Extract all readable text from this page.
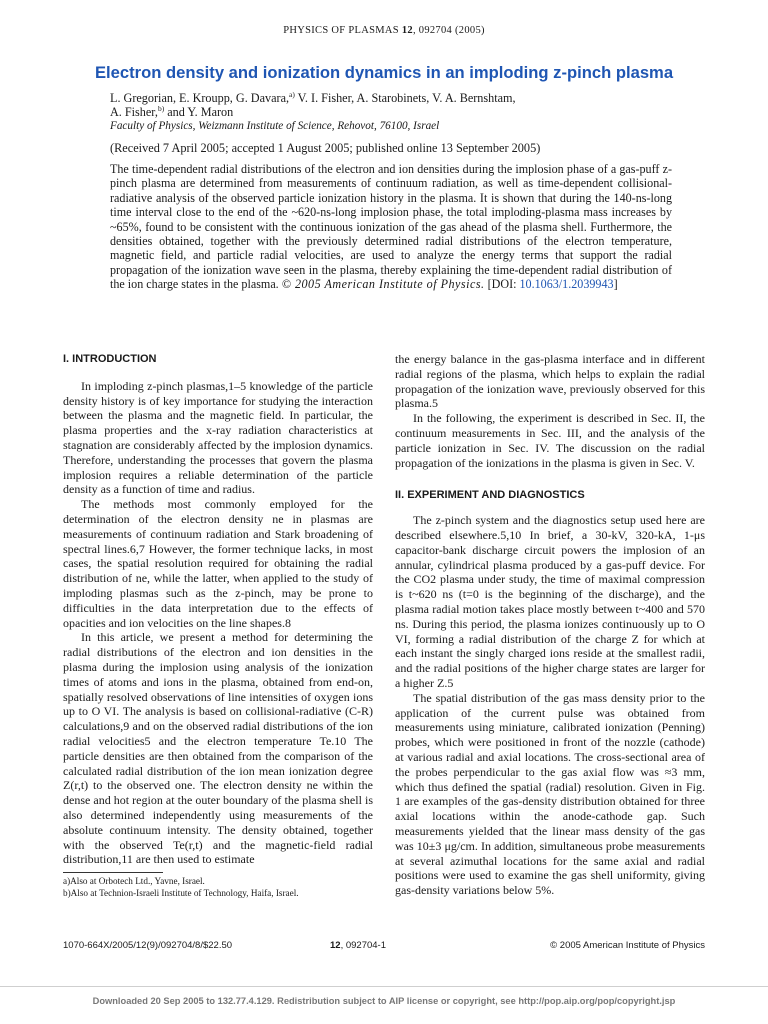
PHYSICS OF PLASMAS 12, 092704 (2005)
Electron density and ionization dynamics in an imploding z-pinch plasma
L. Gregorian, E. Kroupp, G. Davara,$^{a)}$ V. I. Fisher, A. Starobinets, V. A. Bernshtam,
A. Fisher,$^{b)}$ and Y. Maron
Faculty of Physics, Weizmann Institute of Science, Rehovot, 76100, Israel
(Received 7 April 2005; accepted 1 August 2005; published online 13 September 2005)
The time-dependent radial distributions of the electron and ion densities during the implosion phase of a gas-puff z-pinch plasma are determined from measurements of continuum radiation, as well as time-dependent collisional-radiative analysis of the observed particle ionization history in the plasma. It is shown that during the 140-ns-long time interval close to the end of the ~620-ns-long implosion phase, the total imploding-plasma mass increases by ~65%, found to be consistent with the continuous ionization of the gas ahead of the plasma shell. Furthermore, the densities obtained, together with the previously determined radial distributions of the electron temperature, magnetic field, and particle radial velocities, are used to analyze the energy terms that support the radial propagation of the ionization wave seen in the plasma, thereby explaining the time-dependent radial distribution of the ion charge states in the plasma. © 2005 American Institute of Physics. [DOI: 10.1063/1.2039943]

I. INTRODUCTION

In imploding z-pinch plasmas,1–5 knowledge of the particle density history is of key importance for studying the interaction between the plasma and the magnetic field. In particular, the plasma properties and the x-ray radiation characteristics at stagnation are considerably affected by the implosion dynamics. Therefore, understanding the processes that govern the plasma implosion requires a reliable determination of the particle density as a function of time and radius.

The methods most commonly employed for the determination of the electron density ne in plasmas are measurements of continuum radiation and Stark broadening of spectral lines.6,7 However, the former technique lacks, in most cases, the spatial resolution required for obtaining the radial distribution of ne, while the latter, when applied to the study of imploding plasmas such as the z-pinch, may be prone to difficulties in the data interpretation due to the effects of opacities and ion velocities on the line shapes.8

In this article, we present a method for determining the radial distributions of the electron and ion densities in the plasma during the implosion using analysis of the ionization times of atoms and ions in the plasma, obtained from end-on, spatially resolved observations of line intensities of oxygen ions up to O VI. The analysis is based on collisional-radiative (C-R) calculations,9 and on the observed radial distributions of the ion radial velocities5 and the electron temperature Te.10 The particle densities are then obtained from the comparison of the calculated radial distribution of the ion mean ionization degree Z(r,t) to the observed one. The electron density ne within the dense and hot region at the outer boundary of the plasma shell is also determined independently using measurements of the absolute continuum intensity. The density obtained, together with the observed Te(r,t) and the magnetic-field radial distribution,11 are then used to estimate

the energy balance in the gas-plasma interface and in different radial regions of the plasma, which helps to explain the radial propagation of the ionization wave, previously observed for this plasma.5

In the following, the experiment is described in Sec. II, the continuum measurements in Sec. III, and the analysis of the particle ionization in Sec. IV. The discussion on the radial propagation of the ionizations in the plasma is given in Sec. V.

II. EXPERIMENT AND DIAGNOSTICS

The z-pinch system and the diagnostics setup used here are described elsewhere.5,10 In brief, a 30-kV, 320-kA, 1-μs capacitor-bank discharge circuit powers the implosion of an annular, cylindrical plasma produced by a gas-puff device. For the CO2 plasma under study, the time of maximal compression is t~620 ns (t=0 is the beginning of the discharge), and the plasma radial motion takes place mostly between t~400 and 570 ns. During this period, the plasma ionizes continuously up to O VI, forming a radial distribution of the charge Z for which at each instant the singly charged ions reside at the smallest radii, and the radial positions of the higher charge states are larger for a higher Z.5

The spatial distribution of the gas mass density prior to the application of the current pulse was obtained from measurements using miniature, calibrated ionization (Penning) probes, which were positioned in front of the nozzle (cathode) at various radial and axial locations. The cross-sectional area of the probes perpendicular to the gas axial flow was ≈3 mm, which thus defined the spatial (radial) resolution. Given in Fig. 1 are examples of the gas-density distribution obtained for three axial locations within the anode-cathode gap. Such measurements yielded that the linear mass density of the gas was 10±3 μg/cm. In addition, simultaneous probe measurements at several azimuthal locations for the same axial and radial positions were used to examine the gas shell uniformity, giving gas-density variations below 5%.

a)Also at Orbotech Ltd., Yavne, Israel.
b)Also at Technion-Israeli Institute of Technology, Haifa, Israel.
1070-664X/2005/12(9)/092704/8/$22.50	12, 092704-1	© 2005 American Institute of Physics
Downloaded 20 Sep 2005 to 132.77.4.129. Redistribution subject to AIP license or copyright, see http://pop.aip.org/pop/copyright.jsp
